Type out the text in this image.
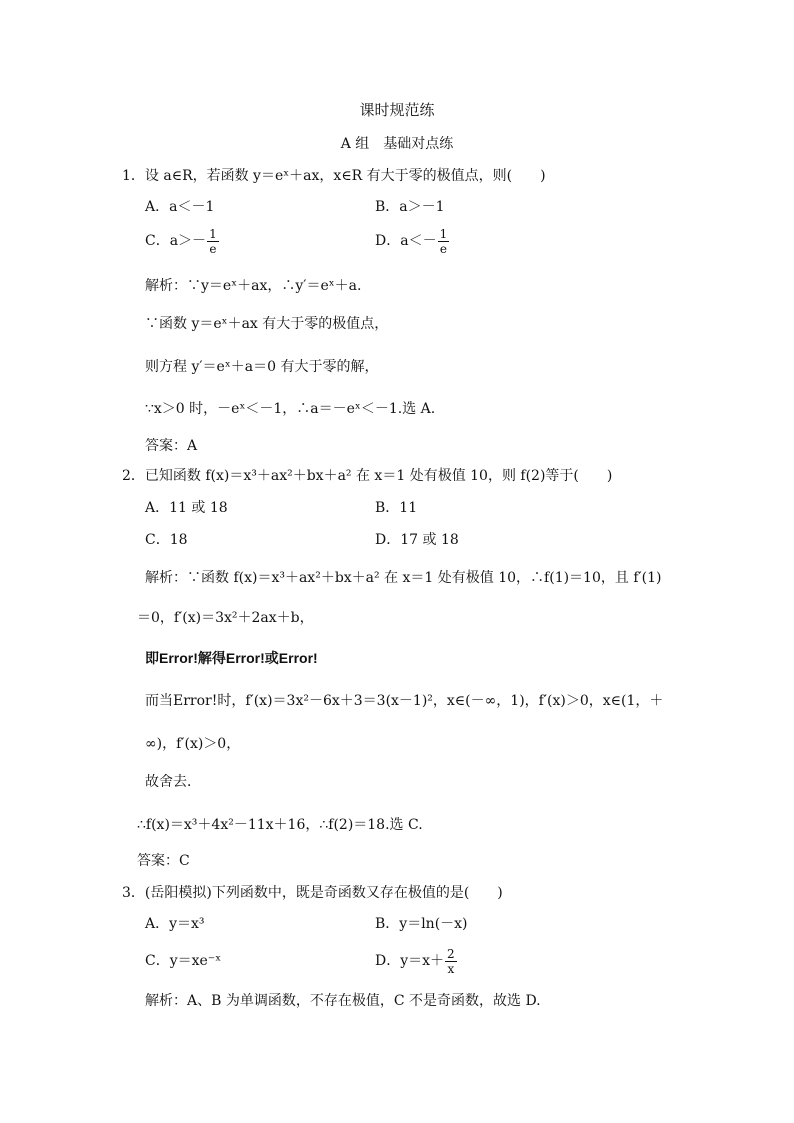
课时规范练
A 组　基础对点练
1．设 a∈R，若函数 y＝eˣ＋ax，x∈R 有大于零的极值点，则(　　)
A．a＜－1	B．a＞－1
C．$a>- \frac{1}{e}$	D．$a<- \frac{1}{e}$
解析：∵y＝eˣ＋ax，∴y′＝eˣ＋a.
∵函数 y＝eˣ＋ax 有大于零的极值点，
则方程 y′＝eˣ＋a＝0 有大于零的解，
∵x＞0 时，－eˣ＜－1，∴a＝－eˣ＜－1.选 A.
答案：A
2．已知函数 f(x)＝x³＋ax²＋bx＋a² 在 x＝1 处有极值 10，则 f(2)等于(　　)
A．11 或 18	B．11
C．18	D．17 或 18
解析：∵函数 f(x)＝x³＋ax²＋bx＋a² 在 x＝1 处有极值 10，∴f(1)＝10，且 f′(1)
＝0，f′(x)＝3x²＋2ax＋b，
即Error!解得Error!或Error!
而当Error!时，f′(x)＝3x²－6x＋3＝3(x－1)²，x∈(－∞，1)，f′(x)＞0，x∈(1，＋
∞)，f′(x)＞0，
故舍去．
∴f(x)＝x³＋4x²－11x＋16，∴f(2)＝18.选 C.
答案：C
3．(岳阳模拟)下列函数中，既是奇函数又存在极值的是(　　)
A．y＝x³	B．y＝ln(－x)
C．y＝xe⁻ˣ	D．$y=x+ \frac{2}{x}$
解析：A、B 为单调函数，不存在极值，C 不是奇函数，故选 D.
